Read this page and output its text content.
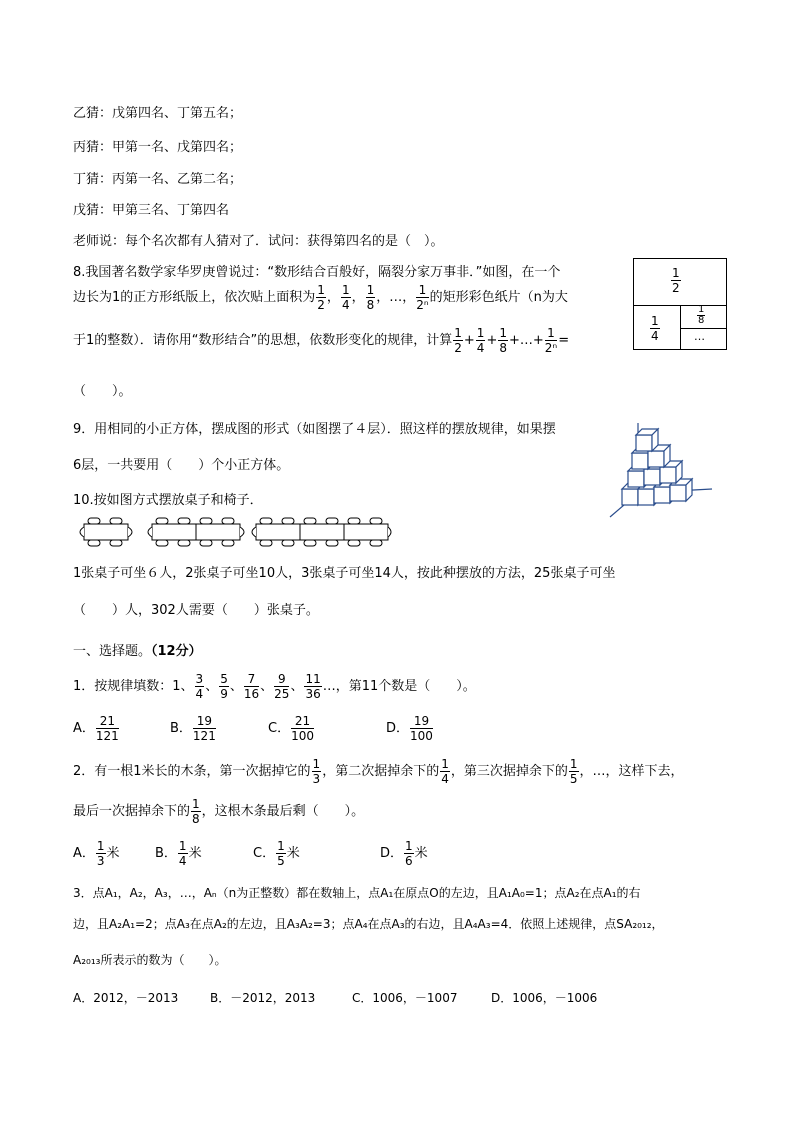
乙猜：戊第四名、丁第五名；
丙猜：甲第一名、戊第四名；
丁猜：丙第一名、乙第二名；
戊猜：甲第三名、丁第四名
老师说：每个名次都有人猜对了．试问：获得第四名的是（　）。
8.我国著名数学家华罗庚曾说过：“数形结合百般好，隔裂分家万事非．”如图，在一个
边长为1的正方形纸版上，依次贴上面积为 $\frac{1}{2}$ ， $\frac{1}{4}$ ， $\frac{1}{8}$ ，…， $\frac{1}{\text{2ⁿ}}$ 的矩形彩色纸片（n为大
于1的整数）．请你用“数形结合”的思想，依数形变化的规律，计算 $\frac{1}{2} + \frac{1}{4} + \frac{1}{8}$ +…+ $\frac{1}{\text{2ⁿ}}$ =
（　　）。
$\frac{1}{2}$
$\frac{1}{4}$	$\frac{1}{8}$
…
9．用相同的小正方体，摆成图的形式（如图摆了４层）．照这样的摆放规律，如果摆
6层，一共要用（　　）个小正方体。
10.按如图方式摆放桌子和椅子．
1张桌子可坐６人，2张桌子可坐10人，3张桌子可坐14人，按此种摆放的方法，25张桌子可坐
（　　）人，302人需要（　　）张桌子。
一、选择题。（12分）
1．按规律填数：1、 $\frac{3}{4}$ 、 $\frac{5}{9}$ 、 $\frac{7}{16}$ 、 $\frac{9}{25}$ 、 $\frac{11}{36}$ …，第11个数是（　　）。
A． $\frac{21}{121}$	B． $\frac{19}{121}$	C． $\frac{21}{100}$	D． $\frac{19}{100}$
2．有一根1米长的木条，第一次据掉它的 $\frac{1}{3}$ ，第二次据掉余下的 $\frac{1}{4}$ ，第三次据掉余下的 $\frac{1}{5}$ ，…，这样下去，
最后一次据掉余下的 $\frac{1}{8}$ ，这根木条最后剩（　　）。
A． $\frac{1}{3}$ 米	B． $\frac{1}{4}$ 米	C． $\frac{1}{5}$ 米	D． $\frac{1}{6}$ 米
3．点A₁，A₂，A₃，…，Aₙ（n为正整数）都在数轴上，点A₁在原点O的左边，且A₁A₀=1；点A₂在点A₁的右
边，且A₂A₁=2；点A₃在点A₂的左边，且A₃A₂=3；点A₄在点A₃的右边，且A₄A₃=4．依照上述规律，点SA₂₀₁₂，
A₂₀₁₃所表示的数为（　　）。
A．2012，－2013	B．－2012，2013	C．1006，－1007	D．1006，－1006
